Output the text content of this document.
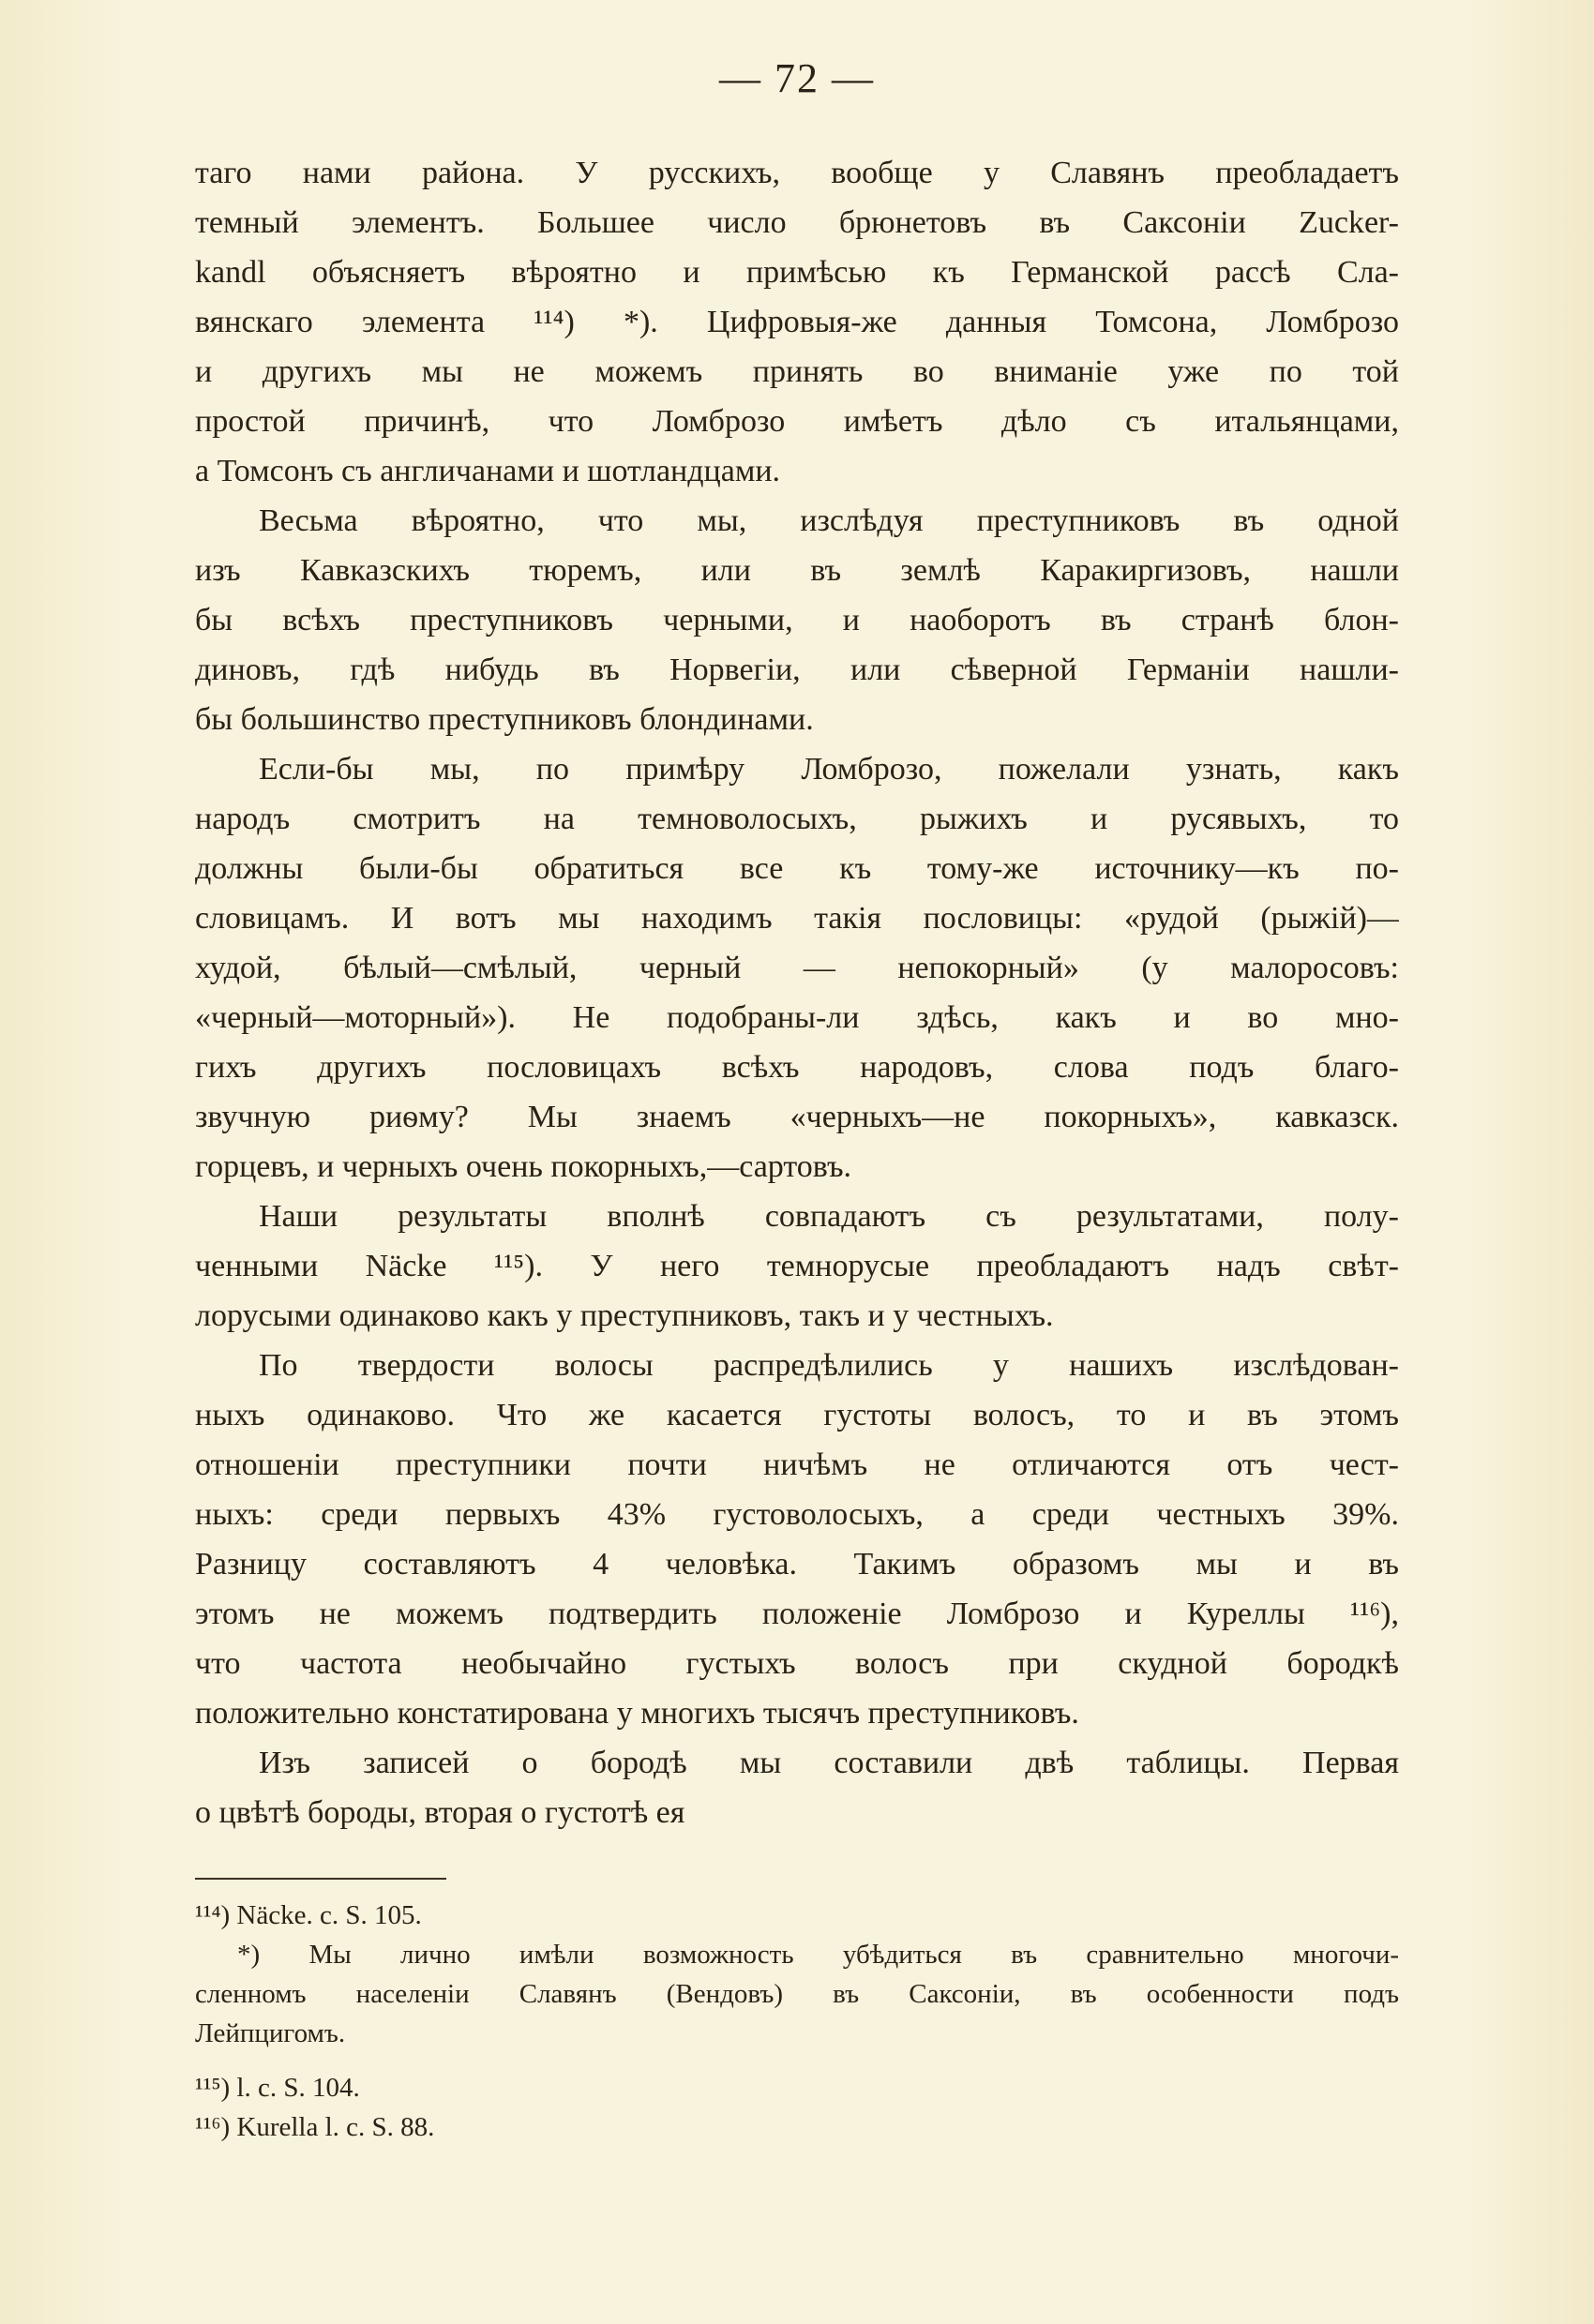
— 72 —
таго нами района. У русскихъ, вообще у Славянъ преобладаетъ
темный элементъ. Большее число брюнетовъ въ Саксоніи Zucker-
kandl объясняетъ вѣроятно и примѣсью къ Германской рассѣ Сла-
вянскаго элемента ¹¹⁴) *). Цифровыя-же данныя Томсона, Ломброзо
и другихъ мы не можемъ принять во вниманіе уже по той
простой причинѣ, что Ломброзо имѣетъ дѣло съ итальянцами,
а Томсонъ съ англичанами и шотландцами.
Весьма вѣроятно, что мы, изслѣдуя преступниковъ въ одной
изъ Кавказскихъ тюремъ, или въ землѣ Каракиргизовъ, нашли
бы всѣхъ преступниковъ черными, и наоборотъ въ странѣ блон-
диновъ, гдѣ нибудь въ Норвегіи, или сѣверной Германіи нашли-
бы большинство преступниковъ блондинами.
Если-бы мы, по примѣру Ломброзо, пожелали узнать, какъ
народъ смотритъ на темноволосыхъ, рыжихъ и русявыхъ, то
должны были-бы обратиться все къ тому-же источнику—къ по-
словицамъ. И вотъ мы находимъ такія пословицы: «рудой (рыжій)—
худой, бѣлый—смѣлый, черный — непокорный» (у малоросовъ:
«черный—моторный»). Не подобраны-ли здѣсь, какъ и во мно-
гихъ другихъ пословицахъ всѣхъ народовъ, слова подъ благо-
звучную риѳму? Мы знаемъ «черныхъ—не покорныхъ», кавказск.
горцевъ, и черныхъ очень покорныхъ,—сартовъ.
Наши результаты вполнѣ совпадаютъ съ результатами, полу-
ченными Näcke ¹¹⁵). У него темнорусые преобладаютъ надъ свѣт-
лорусыми одинаково какъ у преступниковъ, такъ и у честныхъ.
По твердости волосы распредѣлились у нашихъ изслѣдован-
ныхъ одинаково. Что же касается густоты волосъ, то и въ этомъ
отношеніи преступники почти ничѣмъ не отличаются отъ чест-
ныхъ: среди первыхъ 43% густоволосыхъ, а среди честныхъ 39%.
Разницу составляютъ 4 человѣка. Такимъ образомъ мы и въ
этомъ не можемъ подтвердить положеніе Ломброзо и Куреллы ¹¹⁶),
что частота необычайно густыхъ волосъ при скудной бородкѣ
положительно констатирована у многихъ тысячъ преступниковъ.
Изъ записей о бородѣ мы составили двѣ таблицы. Первая
о цвѣтѣ бороды, вторая о густотѣ ея
¹¹⁴) Näcke. c. S. 105.
*) Мы лично имѣли возможность убѣдиться въ сравнительно многочи-
сленномъ населеніи Славянъ (Вендовъ) въ Саксоніи, въ особенности подъ
Лейпцигомъ.
¹¹⁵) l. c. S. 104.
¹¹⁶) Kurella l. c. S. 88.
